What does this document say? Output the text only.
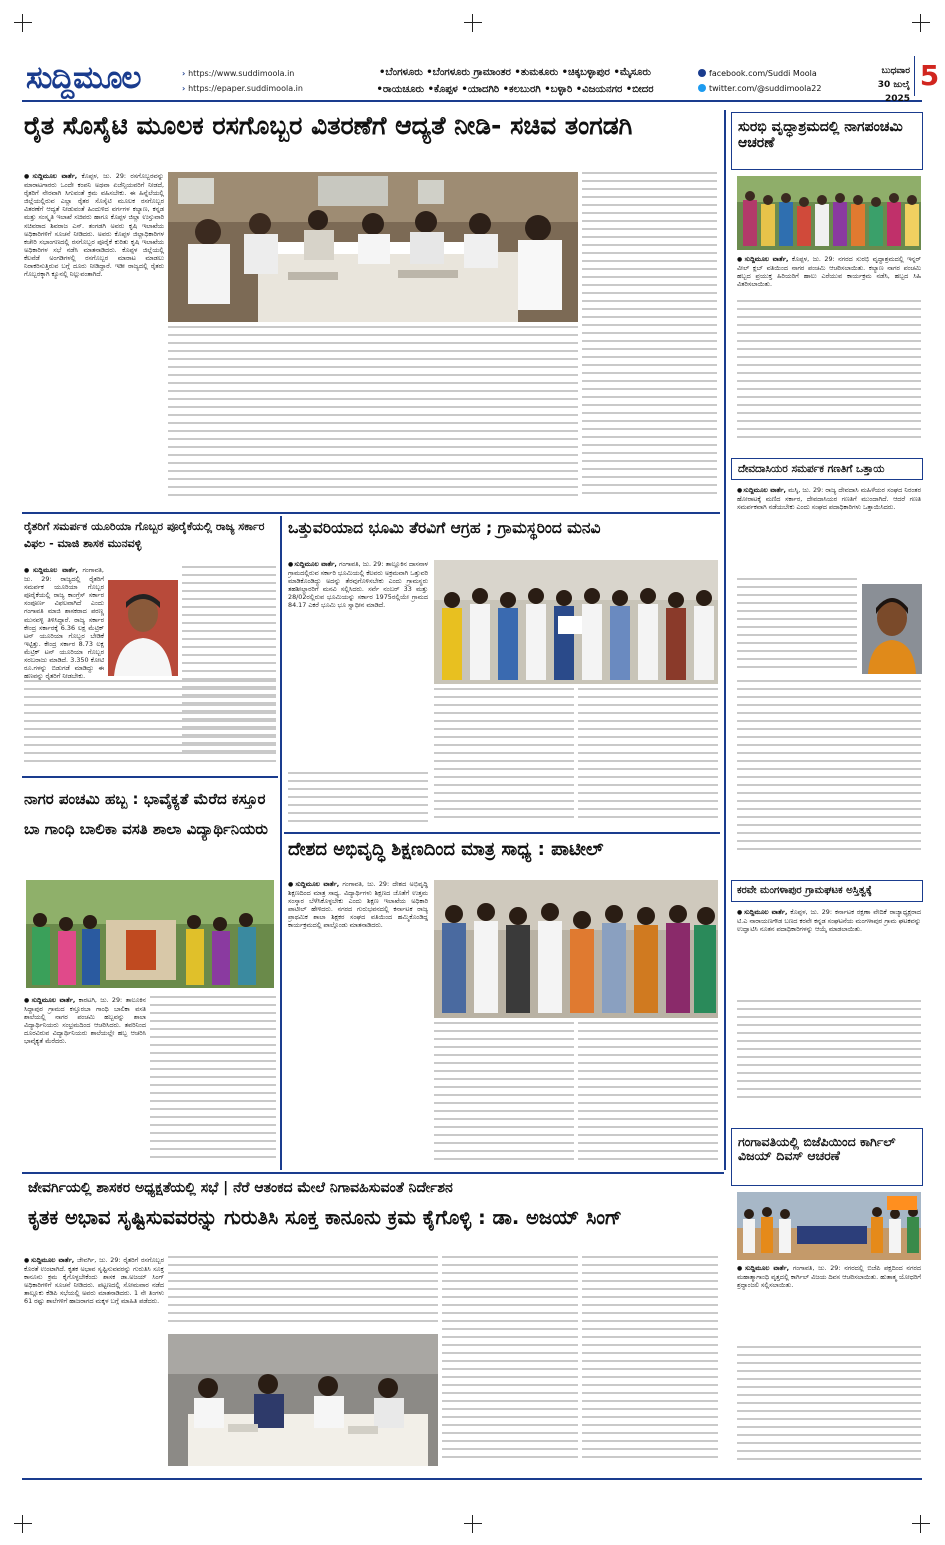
ಸುದ್ದಿಮೂಲ
›	https://www.suddimoola.in
› https://epaper.suddimoola.in
•ಬೆಂಗಳೂರು •ಬೆಂಗಳೂರು ಗ್ರಾಮಾಂತರ •ತುಮಕೂರು •ಚಿಕ್ಕಬಳ್ಳಾಪುರ •ಮೈಸೂರು
•ರಾಯಚೂರು •ಕೊಪ್ಪಳ •ಯಾದಗಿರಿ •ಕಲಬುರಗಿ •ಬಳ್ಳಾರಿ •ವಿಜಯನಗರ •ಬೀದರ
facebook.com/Suddi Moola
twitter.com/@suddimoola22
ಬುಧವಾರ
30 ಜುಲೈ 2025
5
ರೈತ ಸೊಸೈಟಿ ಮೂಲಕ ರಸಗೊಬ್ಬರ ವಿತರಣೆಗೆ ಆದ್ಯತೆ ನೀಡಿ- ಸಚಿವ ತಂಗಡಗಿ
● ಸುದ್ದಿಮೂಲ ವಾರ್ತೆ, ಕೊಪ್ಪಳ, ಜು. 29: ರಸಗೊಬ್ಬರವನ್ನು ಮಾರಾಟಗಾರರು ಒಂದೇ ಕಂಪನಿ ಅಥವಾ ಏಜೆನ್ಸಿಯವರಿಗೆ ನೀಡದೆ, ರೈತರಿಗೆ ನೇರವಾಗಿ ಸಿಗುವಂತೆ ಕ್ರಮ ವಹಿಸಬೇಕು. ಈ ಹಿನ್ನೆಲೆಯಲ್ಲಿ ಜಿಲ್ಲೆಯಲ್ಲಿರುವ ಎಲ್ಲಾ ರೈತರ ಸೊಸೈಟಿ ಮೂಲಕ ರಸಗೊಬ್ಬರ ವಿತರಣೆಗೆ ಆದ್ಯತೆ ನೀಡುವಂತೆ ಹಿಂದುಳಿದ ವರ್ಗಗಳ ಕಲ್ಯಾಣ, ಕನ್ನಡ ಮತ್ತು ಸಂಸ್ಕೃತಿ ಇಲಾಖೆ ಸಚಿವರು ಹಾಗೂ ಕೊಪ್ಪಳ ಜಿಲ್ಲಾ ಉಸ್ತುವಾರಿ ಸಚಿವರಾದ ಶಿವರಾಜ ಎಸ್. ತಂಗಡಗಿ ಅವರು ಕೃಷಿ ಇಲಾಖೆಯ ಅಧಿಕಾರಿಗಳಿಗೆ ಸೂಚನೆ ನೀಡಿದರು. ಅವರು ಕೊಪ್ಪಳ ಜಿಲ್ಲಾಧಿಕಾರಿಗಳ ಕಚೇರಿ ಸಭಾಂಗಣದಲ್ಲಿ ರಸಗೊಬ್ಬರ ಪೂರೈಕೆ ಕುರಿತು ಕೃಷಿ ಇಲಾಖೆಯ ಅಧಿಕಾರಿಗಳ ಸಭೆ ನಡೆಸಿ ಮಾತನಾಡಿದರು. ಕೊಪ್ಪಳ ಜಿಲ್ಲೆಯಲ್ಲಿ ಕೆಲವೆಡೆ ಅಂಗಡಿಗಳಲ್ಲಿ ರಸಗೊಬ್ಬರ ಮಾರಾಟ ಮಾಡಲು ನಿರಾಕರಿಸುತ್ತಿರುವ ಬಗ್ಗೆ ದೂರು ನೀಡಿದ್ದಾರೆ. ಇಡೀ ರಾಜ್ಯದಲ್ಲಿ ರೈತರು ಗೊಬ್ಬರಕ್ಕಾಗಿ ಕ್ಯೂನಲ್ಲಿ ನಿಲ್ಲುವಂತಾಗಿದೆ.
ಸುರಭಿ ವೃದ್ಧಾಶ್ರಮದಲ್ಲಿ ನಾಗಪಂಚಮಿ ಆಚರಣೆ
● ಸುದ್ದಿಮೂಲ ವಾರ್ತೆ, ಕೊಪ್ಪಳ, ಜು. 29: ನಗರದ ಸುರಭಿ ವೃದ್ಧಾಶ್ರಮದಲ್ಲಿ ಇನ್ನರ್ ವೀಲ್ ಕ್ಲಬ್ ವತಿಯಿಂದ ನಾಗರ ಪಂಚಮಿ ಆಚರಿಸಲಾಯಿತು. ಕಲ್ಯಾಣ ನಾಗರ ಪಂಚಮಿ ಹಬ್ಬದ ಪ್ರಯುಕ್ತ ಹಿರಿಯರಿಗೆ ಹಾಲು ಎರೆಯುವ ಕಾರ್ಯಕ್ರಮ ನಡೆಸಿ, ಹಬ್ಬದ ಸಿಹಿ ವಿತರಿಸಲಾಯಿತು.
ದೇವದಾಸಿಯರ ಸಮರ್ಪಕ ಗಣತಿಗೆ ಒತ್ತಾಯ
● ಸುದ್ದಿಮೂಲ ವಾರ್ತೆ, ಮಸ್ಕಿ, ಜು. 29: ರಾಜ್ಯ ದೇವದಾಸಿ ಮಹಿಳೆಯರ ಸಂಘದ ನಿರಂತರ ಹೋರಾಟಕ್ಕೆ ಮಣಿದ ಸರ್ಕಾರ, ದೇವದಾಸಿಯರ ಗಣತಿಗೆ ಮುಂದಾಗಿದೆ. ಆದರೆ ಗಣತಿ ಸಮರ್ಪಕವಾಗಿ ನಡೆಯಬೇಕು ಎಂದು ಸಂಘದ ಪದಾಧಿಕಾರಿಗಳು ಒತ್ತಾಯಿಸಿದರು.
ಕರವೇ ಮಂಗಳಾಪುರ ಗ್ರಾಮಘಟಕ ಅಸ್ತಿತ್ವಕ್ಕೆ
● ಸುದ್ದಿಮೂಲ ವಾರ್ತೆ, ಕೊಪ್ಪಳ, ಜು. 29: ಕರ್ನಾಟಕ ರಕ್ಷಣಾ ವೇದಿಕೆ ರಾಜ್ಯಾಧ್ಯಕ್ಷರಾದ ಟಿ.ಎ ನಾರಾಯಣಗೌಡ ಬಣದ ಕರವೇ ಕನ್ನಡ ಸಂಘಟನೆಯ ಮಂಗಳಾಪುರ ಗ್ರಾಮ ಘಟಕವನ್ನು ಉದ್ಘಾಟಿಸಿ ನೂತನ ಪದಾಧಿಕಾರಿಗಳನ್ನು ಆಯ್ಕೆ ಮಾಡಲಾಯಿತು.
ಗಂಗಾವತಿಯಲ್ಲಿ ಬಿಜೆಪಿಯಿಂದ ಕಾರ್ಗಿಲ್ ವಿಜಯ್ ದಿವಸ್ ಆಚರಣೆ
● ಸುದ್ದಿಮೂಲ ವಾರ್ತೆ, ಗಂಗಾವತಿ, ಜು. 29: ನಗರದಲ್ಲಿ ಬಿಜೆಪಿ ಪಕ್ಷದಿಂದ ನಗರದ ಮಹಾತ್ಮಾಗಾಂಧಿ ವೃತ್ತದಲ್ಲಿ ಕಾರ್ಗಿಲ್ ವಿಜಯ ದಿವಸ ಆಚರಿಸಲಾಯಿತು. ಹುತಾತ್ಮ ಯೋಧರಿಗೆ ಶ್ರದ್ಧಾಂಜಲಿ ಸಲ್ಲಿಸಲಾಯಿತು.
ರೈತರಿಗೆ ಸಮರ್ಪಕ ಯೂರಿಯಾ ಗೊಬ್ಬರ ಪೂರೈಕೆಯಲ್ಲಿ ರಾಜ್ಯ ಸರ್ಕಾರ ವಿಫಲ - ಮಾಜಿ ಶಾಸಕ ಮುನವಳ್ಳಿ
● ಸುದ್ದಿಮೂಲ ವಾರ್ತೆ, ಗಂಗಾವತಿ, ಜು. 29: ರಾಜ್ಯದಲ್ಲಿ ರೈತರಿಗೆ ಸಮರ್ಪಕ ಯೂರಿಯಾ ಗೊಬ್ಬರ ಪೂರೈಕೆಯಲ್ಲಿ ರಾಜ್ಯ ಕಾಂಗ್ರೆಸ್ ಸರ್ಕಾರ ಸಂಪೂರ್ಣ ವಿಫಲವಾಗಿದೆ ಎಂದು ಗಂಗಾವತಿ ಮಾಜಿ ಶಾಸಕರಾದ ಪರಣ್ಣ ಮುನವಳ್ಳಿ ತಿಳಿಸಿದ್ದಾರೆ. ರಾಜ್ಯ ಸರ್ಕಾರ ಕೇಂದ್ರ ಸರ್ಕಾರಕ್ಕೆ 6.36 ಲಕ್ಷ ಮೆಟ್ರಿಕ್ ಟನ್ ಯೂರಿಯಾ ಗೊಬ್ಬರ ಬೇಡಿಕೆ ಇಟ್ಟಿತ್ತು. ಕೇಂದ್ರ ಸರ್ಕಾರ 8.73 ಲಕ್ಷ ಮೆಟ್ರಿಕ್ ಟನ್ ಯೂರಿಯಾ ಗೊಬ್ಬರ ಸರಬರಾಜು ಮಾಡಿದೆ. 3.350 ಕೋಟಿ ರೂ.ಗಳನ್ನು ಬಿಡುಗಡೆ ಮಾಡಿದ್ದು ಈ ಹಣವನ್ನು ರೈತರಿಗೆ ನೀಡಬೇಕು.
ಒತ್ತುವರಿಯಾದ ಭೂಮಿ ತೆರವಿಗೆ ಆಗ್ರಹ ; ಗ್ರಾಮಸ್ಥರಿಂದ ಮನವಿ
● ಸುದ್ದಿಮೂಲ ವಾರ್ತೆ, ಗಂಗಾವತಿ, ಜು. 29: ತಾಲ್ಲೂಕಿನ ದಾಸನಾಳ ಗ್ರಾಮದಲ್ಲಿರುವ ಸರ್ಕಾರಿ ಭೂಮಿಯಲ್ಲಿ ಕೆಲವರು ಅಕ್ರಮವಾಗಿ ಒತ್ತುವರಿ ಮಾಡಿಕೊಂಡಿದ್ದು ಅದನ್ನು ತೆರವುಗೊಳಿಸಬೇಕು ಎಂದು ಗ್ರಾಮಸ್ಥರು ತಹಶೀಲ್ದಾರರಿಗೆ ಮನವಿ ಸಲ್ಲಿಸಿದರು. ಸರ್ವೆ ನಂಬರ್ 33 ಮತ್ತು 28/02ರಲ್ಲಿರುವ ಭೂಮಿಯನ್ನು ಸರ್ಕಾರ 1975ರಲ್ಲಿಯೇ ಗ್ರಾಮದ 84.17 ಎಕರೆ ಭೂಮಿ ಭೂ ಸ್ವಾಧೀನ ಮಾಡಿದೆ.
ನಾಗರ ಪಂಚಮಿ ಹಬ್ಬ : ಭಾವೈಕ್ಯತೆ ಮೆರೆದ ಕಸ್ತೂರ ಬಾ ಗಾಂಧಿ ಬಾಲಿಕಾ ವಸತಿ ಶಾಲಾ ವಿದ್ಯಾರ್ಥಿನಿಯರು
● ಸುದ್ದಿಮೂಲ ವಾರ್ತೆ, ಕಾರಟಗಿ, ಜು. 29: ತಾಲೂಕಿನ ಸಿದ್ದಾಪುರ ಗ್ರಾಮದ ಕಸ್ತೂರಬಾ ಗಾಂಧಿ ಬಾಲಿಕಾ ವಸತಿ ಶಾಲೆಯಲ್ಲಿ ನಾಗರ ಪಂಚಮಿ ಹಬ್ಬವನ್ನು ಶಾಲಾ ವಿದ್ಯಾರ್ಥಿನಿಯರು ಸಂಭ್ರಮದಿಂದ ಆಚರಿಸಿದರು. ತವರಿನಿಂದ ದೂರವಿರುವ ವಿದ್ಯಾರ್ಥಿನಿಯರು ಶಾಲೆಯಲ್ಲೇ ಹಬ್ಬ ಆಚರಿಸಿ ಭಾವೈಕ್ಯತೆ ಮೆರೆದರು.
ದೇಶದ ಅಭಿವೃದ್ಧಿ ಶಿಕ್ಷಣದಿಂದ ಮಾತ್ರ ಸಾಧ್ಯ : ಪಾಟೀಲ್
● ಸುದ್ದಿಮೂಲ ವಾರ್ತೆ, ಗಂಗಾವತಿ, ಜು. 29: ದೇಶದ ಅಭಿವೃದ್ಧಿ ಶಿಕ್ಷಣದಿಂದ ಮಾತ್ರ ಸಾಧ್ಯ. ವಿದ್ಯಾರ್ಥಿಗಳು ಶಿಕ್ಷಣದ ಜೊತೆಗೆ ಉತ್ತಮ ಸಂಸ್ಕಾರ ಬೆಳೆಸಿಕೊಳ್ಳಬೇಕು ಎಂದು ಶಿಕ್ಷಣ ಇಲಾಖೆಯ ಅಧಿಕಾರಿ ಪಾಟೀಲ್ ಹೇಳಿದರು. ನಗರದ ಗುರುಭವನದಲ್ಲಿ ಕರ್ನಾಟಕ ರಾಜ್ಯ ಪ್ರಾಥಮಿಕ ಶಾಲಾ ಶಿಕ್ಷಕರ ಸಂಘದ ವತಿಯಿಂದ ಹಮ್ಮಿಕೊಂಡಿದ್ದ ಕಾರ್ಯಕ್ರಮದಲ್ಲಿ ಪಾಲ್ಗೊಂಡು ಮಾತನಾಡಿದರು.
ಜೇವರ್ಗಿಯಲ್ಲಿ ಶಾಸಕರ ಅಧ್ಯಕ್ಷತೆಯಲ್ಲಿ ಸಭೆ | ನೆರೆ ಆತಂಕದ ಮೇಲೆ ನಿಗಾವಹಿಸುವಂತೆ ನಿರ್ದೇಶನ
ಕೃತಕ ಅಭಾವ ಸೃಷ್ಟಿಸುವವರನ್ನು ಗುರುತಿಸಿ ಸೂಕ್ತ ಕಾನೂನು ಕ್ರಮ ಕೈಗೊಳ್ಳಿ : ಡಾ. ಅಜಯ್ ಸಿಂಗ್
● ಸುದ್ದಿಮೂಲ ವಾರ್ತೆ, ಜೇವರ್ಗಿ, ಜು. 29: ರೈತರಿಗೆ ರಸಗೊಬ್ಬರ ಕೊರತೆ ಉಂಟಾಗಿದೆ. ಕೃತಕ ಅಭಾವ ಸೃಷ್ಟಿಸುವವರನ್ನು ಗುರುತಿಸಿ ಸೂಕ್ತ ಕಾನೂನು ಕ್ರಮ ಕೈಗೊಳ್ಳಬೇಕೆಂದು ಶಾಸಕ ಡಾ.ಅಜಯ್ ಸಿಂಗ್ ಅಧಿಕಾರಿಗಳಿಗೆ ಸೂಚನೆ ನೀಡಿದರು. ಪಟ್ಟಣದಲ್ಲಿ ಸೋಮವಾರ ನಡೆದ ತಾಲ್ಲೂಕು ಕೆಡಿಪಿ ಸಭೆಯಲ್ಲಿ ಅವರು ಮಾತನಾಡಿದರು. 1 ನೇ ತಿಂಗಳು 61 ರಷ್ಟು ಶಾಲೆಗಳಿಗೆ ಹಾಜರಾಗದ ಮಕ್ಕಳ ಬಗ್ಗೆ ಮಾಹಿತಿ ಪಡೆದರು.
